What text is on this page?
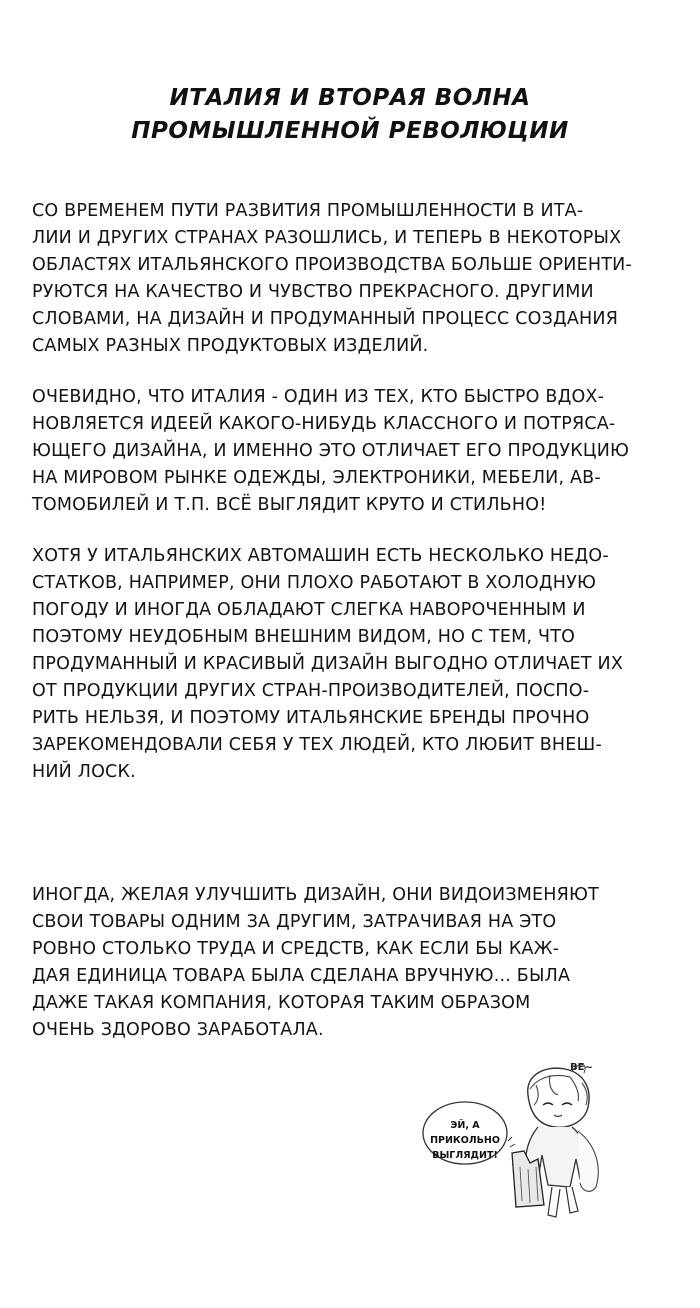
ИТАЛИЯ И ВТОРАЯ ВОЛНА
ПРОМЫШЛЕННОЙ РЕВОЛЮЦИИ
СО ВРЕМЕНЕМ ПУТИ РАЗВИТИЯ ПРОМЫШЛЕННОСТИ В ИТА-
ЛИИ И ДРУГИХ СТРАНАХ РАЗОШЛИСЬ, И ТЕПЕРЬ В НЕКОТОРЫХ
ОБЛАСТЯХ ИТАЛЬЯНСКОГО ПРОИЗВОДСТВА БОЛЬШЕ ОРИЕНТИ-
РУЮТСЯ НА КАЧЕСТВО И ЧУВСТВО ПРЕКРАСНОГО. ДРУГИМИ
СЛОВАМИ, НА ДИЗАЙН И ПРОДУМАННЫЙ ПРОЦЕСС СОЗДАНИЯ
САМЫХ РАЗНЫХ ПРОДУКТОВЫХ ИЗДЕЛИЙ.
ОЧЕВИДНО, ЧТО ИТАЛИЯ - ОДИН ИЗ ТЕХ, КТО БЫСТРО ВДОХ-
НОВЛЯЕТСЯ ИДЕЕЙ КАКОГО-НИБУДЬ КЛАССНОГО И ПОТРЯСА-
ЮЩЕГО ДИЗАЙНА, И ИМЕННО ЭТО ОТЛИЧАЕТ ЕГО ПРОДУКЦИЮ
НА МИРОВОМ РЫНКЕ ОДЕЖДЫ, ЭЛЕКТРОНИКИ, МЕБЕЛИ, АВ-
ТОМОБИЛЕЙ И Т.П. ВСЁ ВЫГЛЯДИТ КРУТО И СТИЛЬНО!
ХОТЯ У ИТАЛЬЯНСКИХ АВТОМАШИН ЕСТЬ НЕСКОЛЬКО НЕДО-
СТАТКОВ, НАПРИМЕР, ОНИ ПЛОХО РАБОТАЮТ В ХОЛОДНУЮ
ПОГОДУ И ИНОГДА ОБЛАДАЮТ СЛЕГКА НАВОРОЧЕННЫМ И
ПОЭТОМУ НЕУДОБНЫМ ВНЕШНИМ ВИДОМ, НО С ТЕМ, ЧТО
ПРОДУМАННЫЙ И КРАСИВЫЙ ДИЗАЙН ВЫГОДНО ОТЛИЧАЕТ ИХ
ОТ ПРОДУКЦИИ ДРУГИХ СТРАН-ПРОИЗВОДИТЕЛЕЙ, ПОСПО-
РИТЬ НЕЛЬЗЯ, И ПОЭТОМУ ИТАЛЬЯНСКИЕ БРЕНДЫ ПРОЧНО
ЗАРЕКОМЕНДОВАЛИ СЕБЯ У ТЕХ ЛЮДЕЙ, КТО ЛЮБИТ ВНЕШ-
НИЙ ЛОСК.
ИНОГДА, ЖЕЛАЯ УЛУЧШИТЬ ДИЗАЙН, ОНИ ВИДОИЗМЕНЯЮТ
СВОИ ТОВАРЫ ОДНИМ ЗА ДРУГИМ, ЗАТРАЧИВАЯ НА ЭТО
РОВНО СТОЛЬКО ТРУДА И СРЕДСТВ, КАК ЕСЛИ БЫ КАЖ-
ДАЯ ЕДИНИЦА ТОВАРА БЫЛА СДЕЛАНА ВРУЧНУЮ... БЫЛА
ДАЖЕ ТАКАЯ КОМПАНИЯ, КОТОРАЯ ТАКИМ ОБРАЗОМ
ОЧЕНЬ ЗДОРОВО ЗАРАБОТАЛА.
ВЕ~
ЭЙ, А
ПРИКОЛЬНО
ВЫГЛЯДИТ!
